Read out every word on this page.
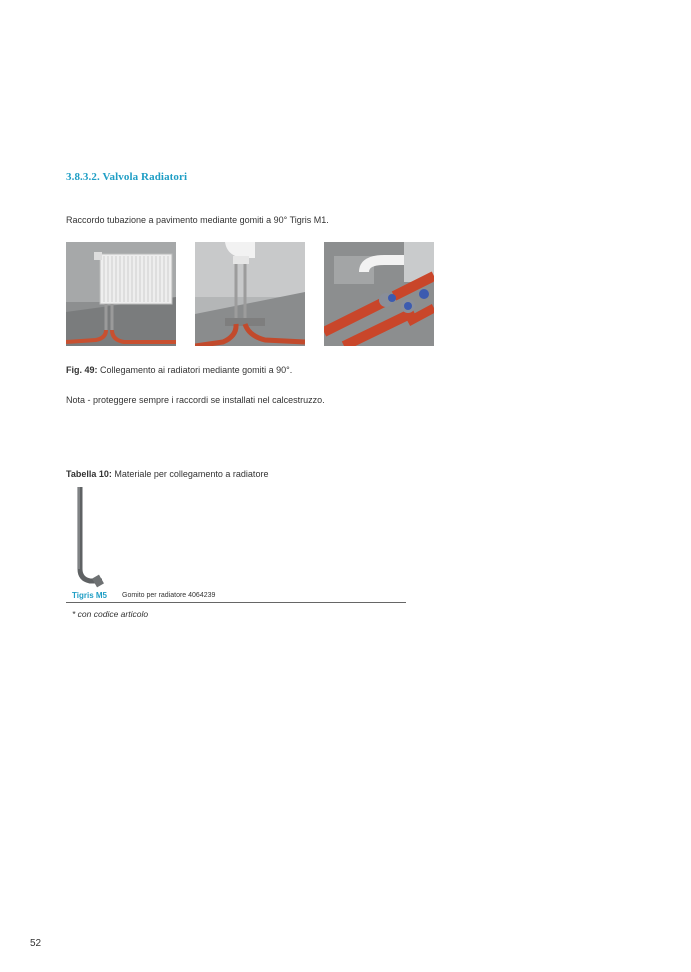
3.8.3.2. Valvola Radiatori
Raccordo tubazione a pavimento mediante gomiti a 90° Tigris M1.
Fig. 49: Collegamento ai radiatori mediante gomiti a 90°.
Nota - proteggere sempre i raccordi se installati nel calcestruzzo.
Tabella 10: Materiale per collegamento a radiatore
Tigris M5 Gomito per radiatore 4064239
* con codice articolo
52
